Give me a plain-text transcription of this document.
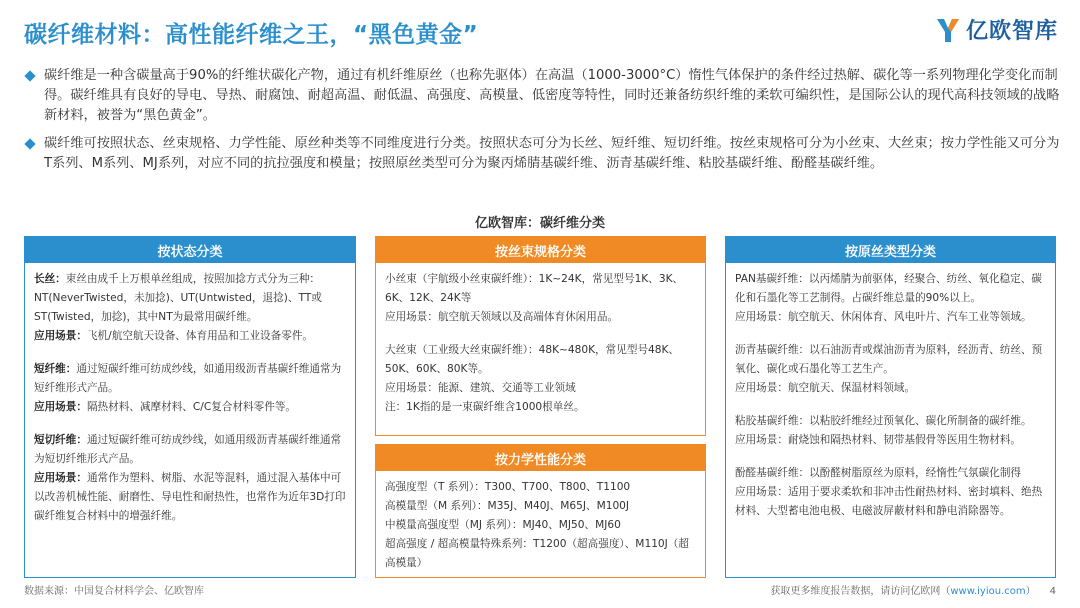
碳纤维材料：高性能纤维之王，“黑色黄金”	亿欧智库
碳纤维是一种含碳量高于90%的纤维状碳化产物，通过有机纤维原丝（也称先驱体）在高温（1000-3000°C）惰性气体保护的条件经过热解、碳化等一系列物理化学变化而制得。碳纤维具有良好的导电、导热、耐腐蚀、耐超高温、耐低温、高强度、高模量、低密度等特性，同时还兼备纺织纤维的柔软可编织性，是国际公认的现代高科技领域的战略新材料，被誉为“黑色黄金”。
碳纤维可按照状态、丝束规格、力学性能、原丝种类等不同维度进行分类。按照状态可分为长丝、短纤维、短切纤维。按丝束规格可分为小丝束、大丝束；按力学性能又可分为T系列、M系列、MJ系列，对应不同的抗拉强度和模量；按照原丝类型可分为聚丙烯腈基碳纤维、沥青基碳纤维、粘胶基碳纤维、酚醛基碳纤维。
亿欧智库：碳纤维分类
按状态分类

长丝：束丝由成千上万根单丝组成，按照加捻方式分为三种：NT(NeverTwisted，未加捻)、UT(Untwisted，退捻)、TT或ST(Twisted，加捻)，其中NT为最常用碳纤维。

应用场景：飞机/航空航天设备、体育用品和工业设备零件。

短纤维：通过短碳纤维可纺成纱线，如通用级沥青基碳纤维通常为短纤维形式产品。

应用场景：隔热材料、减摩材料、C/C复合材料零件等。

短切纤维：通过短碳纤维可纺成纱线，如通用级沥青基碳纤维通常为短切纤维形式产品。

应用场景：通常作为塑料、树脂、水泥等混料，通过混入基体中可以改善机械性能、耐磨性、导电性和耐热性，也常作为近年3D打印碳纤维复合材料中的增强纤维。

按丝束规格分类

小丝束（宇航级小丝束碳纤维）：1K~24K，常见型号1K、3K、6K、12K、24K等

应用场景：航空航天领域以及高端体育休闲用品。

大丝束（工业级大丝束碳纤维）：48K~480K，常见型号48K、50K、60K、80K等。

应用场景：能源、建筑、交通等工业领域

注：1K指的是一束碳纤维含1000根单丝。

按力学性能分类

高强度型（T 系列）：T300、T700、T800、T1100

高模量型（M 系列）：M35J、M40J、M65J、M100J

中模量高强度型（MJ 系列）：MJ40、MJ50、MJ60

超高强度 / 超高模量特殊系列：T1200（超高强度）、M110J（超高模量）

按原丝类型分类

PAN基碳纤维：以丙烯腈为前驱体，经聚合、纺丝、氧化稳定、碳化和石墨化等工艺制得。占碳纤维总量的90%以上。

应用场景：航空航天、休闲体育、风电叶片、汽车工业等领域。

沥青基碳纤维：以石油沥青或煤油沥青为原料，经沥青、纺丝、预氧化、碳化或石墨化等工艺生产。

应用场景：航空航天、保温材料领域。

粘胶基碳纤维：以粘胶纤维经过预氧化、碳化所制备的碳纤维。

应用场景：耐烧蚀和隔热材料、韧带基假骨等医用生物材料。

酚醛基碳纤维：以酚醛树脂原丝为原料，经惰性气氛碳化制得

应用场景：适用于要求柔软和非冲击性耐热材料、密封填料、绝热材料、大型蓄电池电极、电磁波屏蔽材料和静电消除器等。

数据来源：中国复合材料学会、亿欧智库	获取更多维度报告数据，请访问亿欧网（www.iyiou.com） 4
